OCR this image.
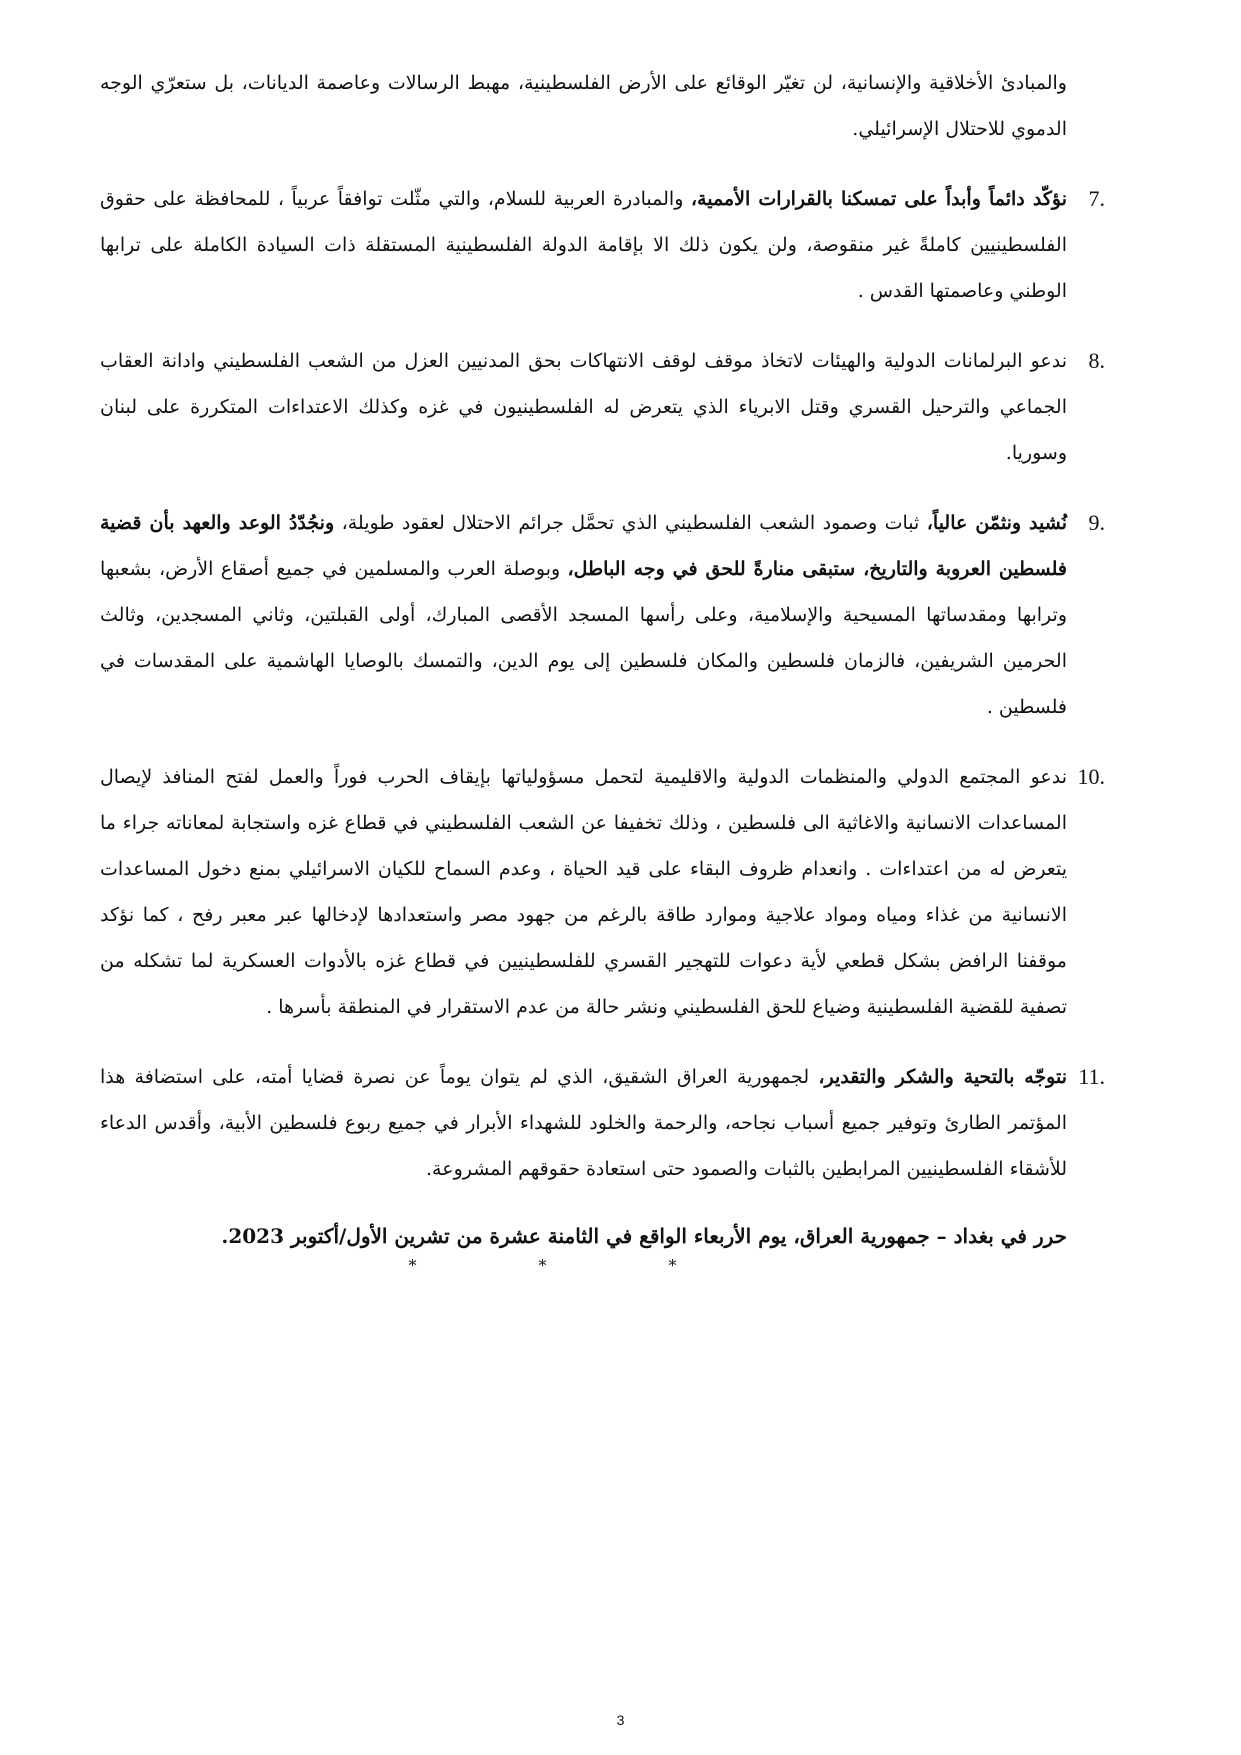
والمبادئ الأخلاقية والإنسانية، لن تغيّر الوقائع على الأرض الفلسطينية، مهبط الرسالات وعاصمة الديانات، بل ستعرّي الوجه الدموي للاحتلال الإسرائيلي.

7.

نؤكّد دائماً وأبداً على تمسكنا بالقرارات الأممية، والمبادرة العربية للسلام، والتي مثّلت توافقاً عربياً ، للمحافظة على حقوق الفلسطينيين كاملةً غير منقوصة، ولن يكون ذلك الا بإقامة الدولة الفلسطينية المستقلة ذات السيادة الكاملة على ترابها الوطني وعاصمتها القدس .

8.

ندعو البرلمانات الدولية والهيئات لاتخاذ موقف لوقف الانتهاكات بحق المدنيين العزل من الشعب الفلسطيني وادانة العقاب الجماعي والترحيل القسري وقتل الابرياء الذي يتعرض له الفلسطينيون في غزه وكذلك الاعتداءات المتكررة على لبنان وسوريا.

9.

نُشيد ونثمّن عالياً، ثبات وصمود الشعب الفلسطيني الذي تحمَّل جرائم الاحتلال لعقود طويلة، ونجُدّدُ الوعد والعهد بأن قضية فلسطين العروبة والتاريخ، ستبقى منارةً للحق في وجه الباطل، وبوصلة العرب والمسلمين في جميع أصقاع الأرض، بشعبها وترابها ومقدساتها المسيحية والإسلامية، وعلى رأسها المسجد الأقصى المبارك، أولى القبلتين، وثاني المسجدين، وثالث الحرمين الشريفين، فالزمان فلسطين والمكان فلسطين إلى يوم الدين، والتمسك بالوصايا الهاشمية على المقدسات في فلسطين .

10.

ندعو المجتمع الدولي والمنظمات الدولية والاقليمية لتحمل مسؤولياتها بإيقاف الحرب فوراً والعمل لفتح المنافذ لإيصال المساعدات الانسانية والاغاثية الى فلسطين ، وذلك تخفيفا عن الشعب الفلسطيني في قطاع غزه واستجابة لمعاناته جراء ما يتعرض له من اعتداءات . وانعدام ظروف البقاء على قيد الحياة ، وعدم السماح للكيان الاسرائيلي بمنع دخول المساعدات الانسانية من غذاء ومياه ومواد علاجية وموارد طاقة بالرغم من جهود مصر واستعدادها لإدخالها عبر معبر رفح ، كما نؤكد موقفنا الرافض بشكل قطعي لأية دعوات للتهجير القسري للفلسطينيين في قطاع غزه بالأدوات العسكرية لما تشكله من تصفية للقضية الفلسطينية وضياع للحق الفلسطيني ونشر حالة من عدم الاستقرار في المنطقة بأسرها .

11.

نتوجّه بالتحية والشكر والتقدير، لجمهورية العراق الشقيق، الذي لم يتوان يوماً عن نصرة قضايا أمته، على استضافة هذا المؤتمر الطارئ وتوفير جميع أسباب نجاحه، والرحمة والخلود للشهداء الأبرار في جميع ربوع فلسطين الأبية، وأقدس الدعاء للأشقاء الفلسطينيين المرابطين بالثبات والصمود حتى استعادة حقوقهم المشروعة.

حرر في بغداد – جمهورية العراق، يوم الأربعاء الواقع في الثامنة عشرة من تشرين الأول/أكتوبر 2023.

*	*	*
3
